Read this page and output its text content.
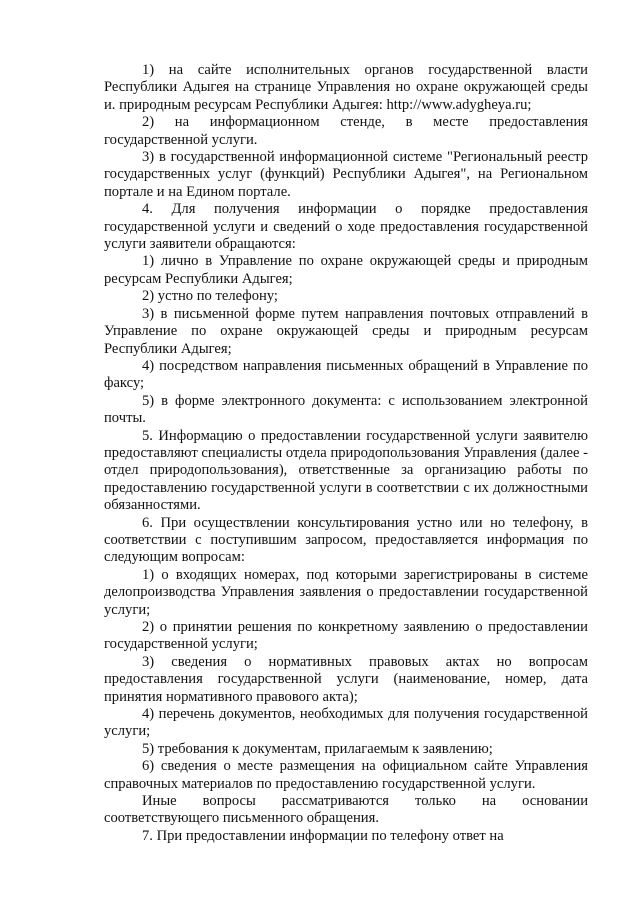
1) на сайте исполнительных органов государственной власти Республики Адыгея на странице Управления но охране окружающей среды и. природным ресурсам Республики Адыгея: http://www.adygheya.ru;

2) на информационном стенде, в месте предоставления государственной услуги.

3) в государственной информационной системе "Региональный реестр государственных услуг (функций) Республики Адыгея", на Региональном портале и на Едином портале.

4. Для получения информации о порядке предоставления государственной услуги и сведений о ходе предоставления государственной услуги заявители обращаются:

1) лично в Управление по охране окружающей среды и природным ресурсам Республики Адыгея;

2) устно по телефону;

3) в письменной форме путем направления почтовых отправлений в Управление по охране окружающей среды и природным ресурсам Республики Адыгея;

4) посредством направления письменных обращений в Управление по факсу;

5) в форме электронного документа: с использованием электронной почты.

5. Информацию о предоставлении государственной услуги заявителю предоставляют специалисты отдела природопользования Управления (далее - отдел природопользования), ответственные за организацию работы по предоставлению государственной услуги в соответствии с их должностными обязанностями.

6. При осуществлении консультирования устно или но телефону, в соответствии с поступившим запросом, предоставляется информация по следующим вопросам:

1) о входящих номерах, под которыми зарегистрированы в системе делопроизводства Управления заявления о предоставлении государственной услуги;

2) о принятии решения по конкретному заявлению о предоставлении государственной услуги;

3) сведения о нормативных правовых актах но вопросам предоставления государственной услуги (наименование, номер, дата принятия нормативного правового акта);

4) перечень документов, необходимых для получения государственной услуги;

5) требования к документам, прилагаемым к заявлению;

6) сведения о месте размещения на официальном сайте Управления справочных материалов по предоставлению государственной услуги.

Иные вопросы рассматриваются только на основании соответствующего письменного обращения.

7. При предоставлении информации по телефону ответ на
